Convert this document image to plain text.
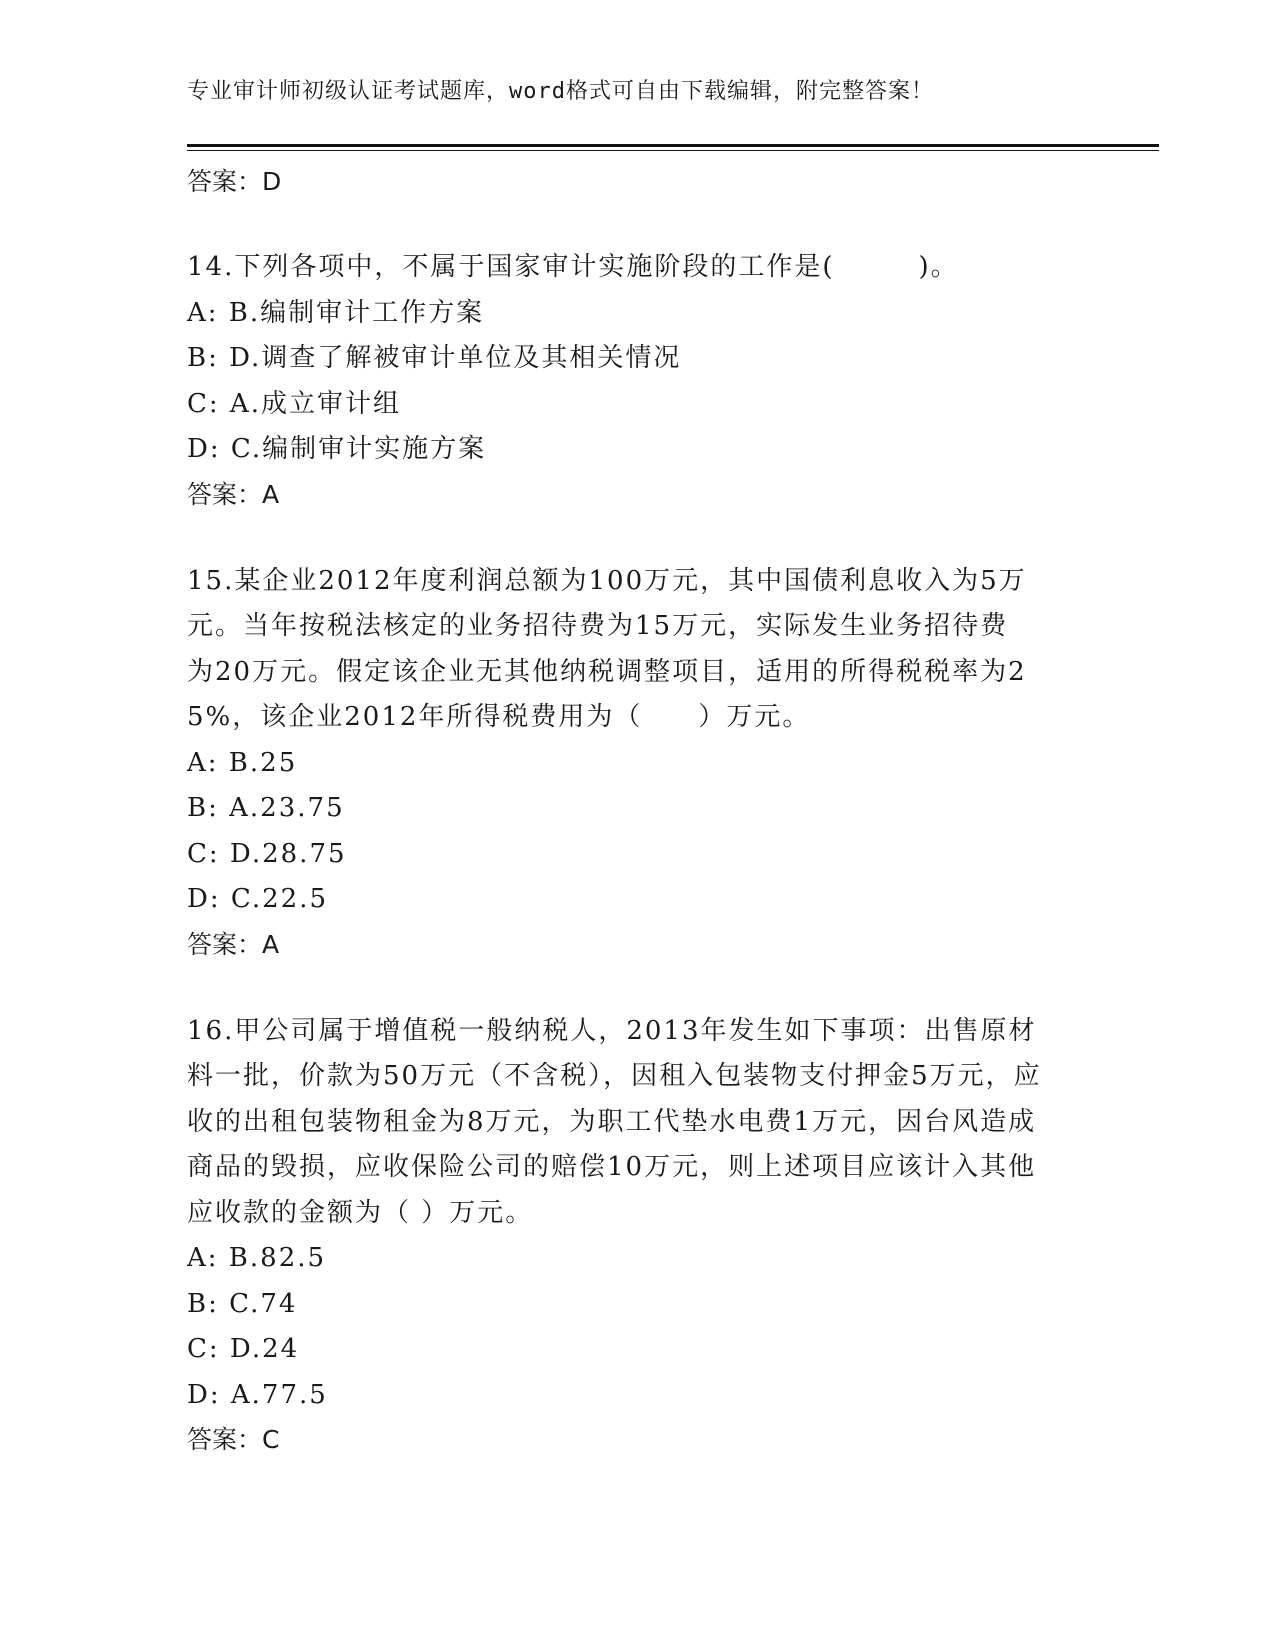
专业审计师初级认证考试题库，word格式可自由下载编辑，附完整答案！
答案：D
14.下列各项中，不属于国家审计实施阶段的工作是(　　　)。
A: B.编制审计工作方案
B: D.调查了解被审计单位及其相关情况
C: A.成立审计组
D: C.编制审计实施方案
答案：A
15.某企业2012年度利润总额为100万元，其中国债利息收入为5万元。当年按税法核定的业务招待费为15万元，实际发生业务招待费为20万元。假定该企业无其他纳税调整项目，适用的所得税税率为25%，该企业2012年所得税费用为（　　）万元。
A: B.25
B: A.23.75
C: D.28.75
D: C.22.5
答案：A
16.甲公司属于增值税一般纳税人，2013年发生如下事项：出售原材料一批，价款为50万元（不含税），因租入包装物支付押金5万元，应收的出租包装物租金为8万元，为职工代垫水电费1万元，因台风造成商品的毁损，应收保险公司的赔偿10万元，则上述项目应该计入其他应收款的金额为（ ）万元。
A: B.82.5
B: C.74
C: D.24
D: A.77.5
答案：C
